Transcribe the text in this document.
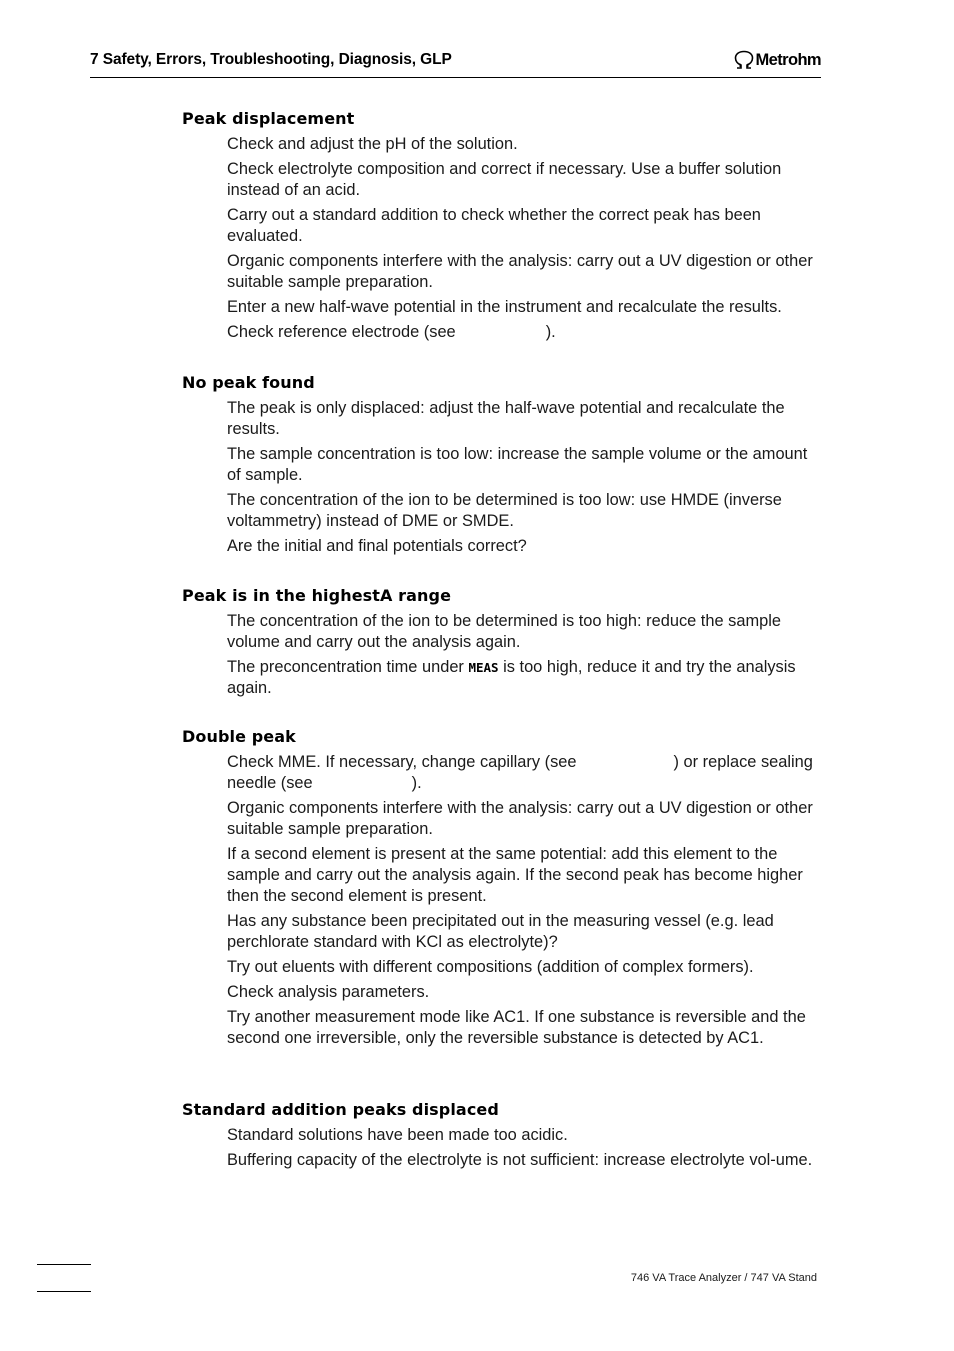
7 Safety, Errors, Troubleshooting, Diagnosis, GLP	Metrohm
Peak displacement

Check and adjust the pH of the solution.

Check electrolyte composition and correct if necessary. Use a buffer solution instead of an acid.

Carry out a standard addition to check whether the correct peak has been evaluated.

Organic components interfere with the analysis: carry out a UV digestion or other suitable sample preparation.

Enter a new half-wave potential in the instrument and recalculate the results.

Check reference electrode (see	).

No peak found

The peak is only displaced: adjust the half-wave potential and recalculate the results.

The sample concentration is too low: increase the sample volume or the amount of sample.

The concentration of the ion to be determined is too low: use HMDE (inverse voltammetry) instead of DME or SMDE.

Are the initial and final potentials correct?

Peak is in the highestA range

The concentration of the ion to be determined is too high: reduce the sample volume and carry out the analysis again.

The preconcentration time under MEAS is too high, reduce it and try the analysis again.

Double peak

Check MME. If necessary, change capillary (see	) or replace sealing needle (see	).

Organic components interfere with the analysis: carry out a UV digestion or other suitable sample preparation.

If a second element is present at the same potential: add this element to the sample and carry out the analysis again. If the second peak has become higher then the second element is present.

Has any substance been precipitated out in the measuring vessel (e.g. lead perchlorate standard with KCl as electrolyte)?

Try out eluents with different compositions (addition of complex formers).

Check analysis parameters.

Try another measurement mode like AC1. If one substance is reversible and the second one irreversible, only the reversible substance is detected by AC1.

Standard addition peaks displaced

Standard solutions have been made too acidic.

Buffering capacity of the electrolyte is not sufficient: increase electrolyte vol-ume.

746 VA Trace Analyzer / 747 VA Stand
